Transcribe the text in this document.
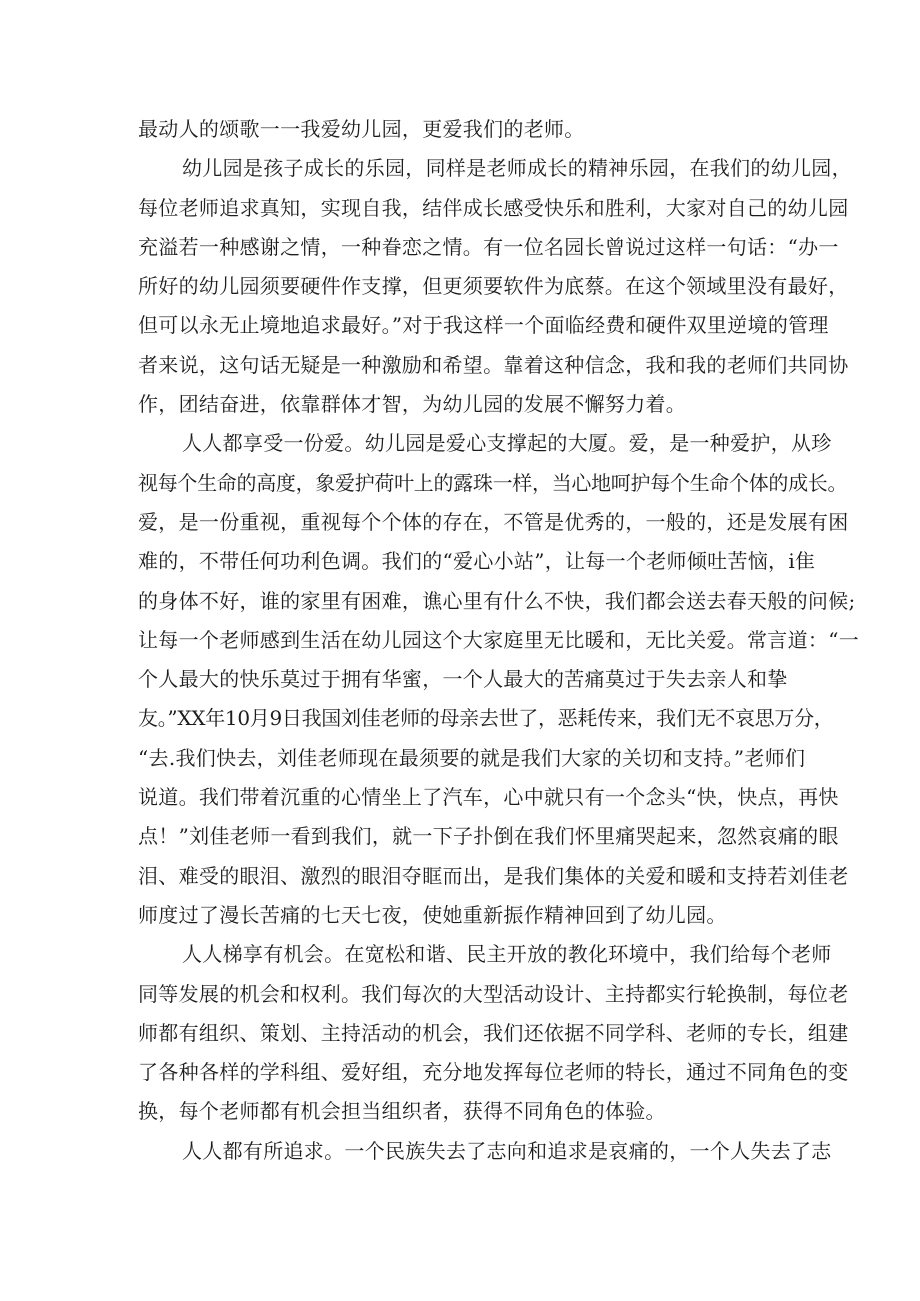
最动人的颂歌一一我爱幼儿园，更爱我们的老师。
幼儿园是孩子成长的乐园，同样是老师成长的精神乐园，在我们的幼儿园，
每位老师追求真知，实现自我，结伴成长感受快乐和胜利，大家对自己的幼儿园
充溢若一种感谢之情，一种眷恋之情。有一位名园长曾说过这样一句话：“办一
所好的幼儿园须要硬件作支撑，但更须要软件为底蔡。在这个领域里没有最好，
但可以永无止境地追求最好。”对于我这样一个面临经费和硬件双里逆境的管理
者来说，这句话无疑是一种激励和希望。靠着这种信念，我和我的老师们共同协
作，团结奋进，依靠群体才智，为幼儿园的发展不懈努力着。
人人都享受一份爱。幼儿园是爱心支撑起的大厦。爱，是一种爱护，从珍
视每个生命的高度，象爱护荷叶上的露珠一样，当心地呵护每个生命个体的成长。
爱，是一份重视，重视每个个体的存在，不管是优秀的，一般的，还是发展有困
难的，不带任何功利色调。我们的“爱心小站”，让每一个老师倾吐苦恼，i隹
的身体不好，谁的家里有困难，谯心里有什么不快，我们都会送去春天般的问候;
让每一个老师感到生活在幼儿园这个大家庭里无比暖和，无比关爱。常言道：“一
个人最大的快乐莫过于拥有华蜜，一个人最大的苦痛莫过于失去亲人和挚
友。”XX年10月9日我国刘佳老师的母亲去世了，恶耗传来，我们无不哀思万分，
“去.我们快去，刘佳老师现在最须要的就是我们大家的关切和支持。”老师们
说道。我们带着沉重的心情坐上了汽车，心中就只有一个念头“快，快点，再快
点！”刘佳老师一看到我们，就一下子扑倒在我们怀里痛哭起来，忽然哀痛的眼
泪、难受的眼泪、激烈的眼泪夺眶而出，是我们集体的关爱和暖和支持若刘佳老
师度过了漫长苦痛的七天七夜，使她重新振作精神回到了幼儿园。
人人梯享有机会。在宽松和谐、民主开放的教化环境中，我们给每个老师
同等发展的机会和权利。我们每次的大型活动设计、主持都实行轮换制，每位老
师都有组织、策划、主持活动的机会，我们还依据不同学科、老师的专长，组建
了各种各样的学科组、爱好组，充分地发挥每位老师的特长，通过不同角色的变
换，每个老师都有机会担当组织者，获得不同角色的体验。
人人都有所追求。一个民族失去了志向和追求是哀痛的，一个人失去了志
